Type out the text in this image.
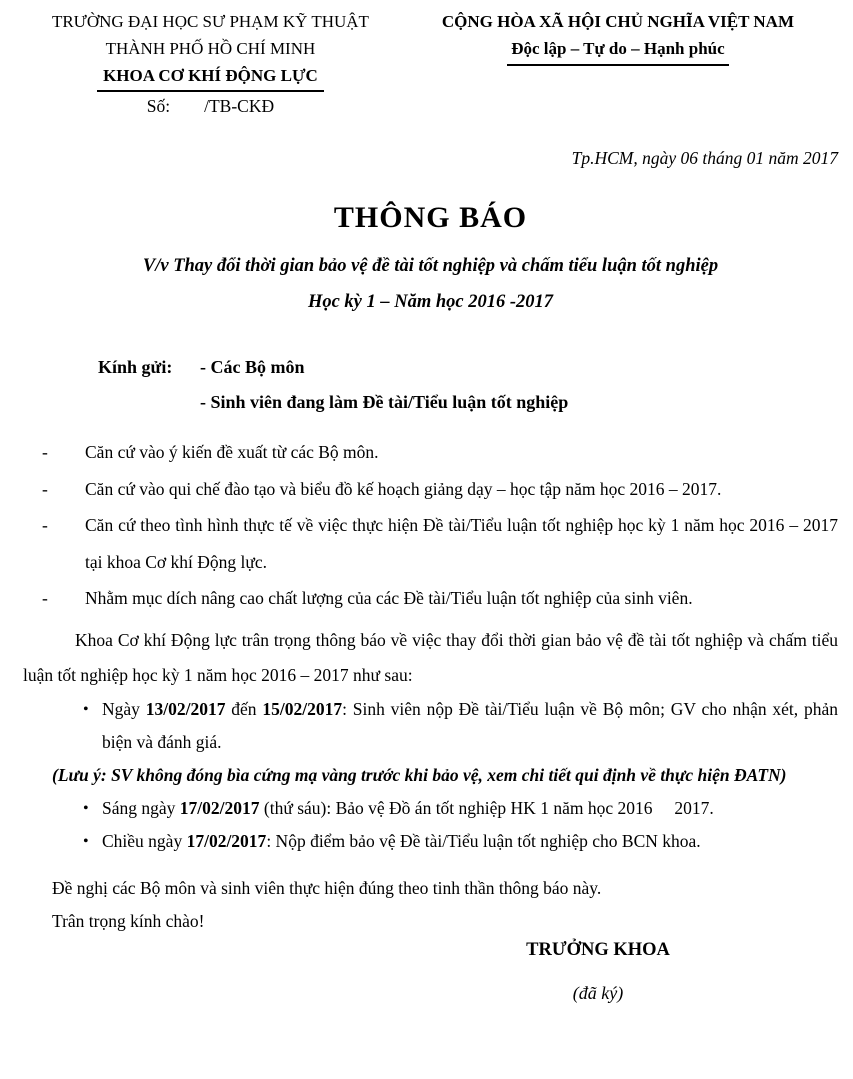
TRƯỜNG ĐẠI HỌC SƯ PHẠM KỸ THUẬT
THÀNH PHỐ HỒ CHÍ MINH
KHOA CƠ KHÍ ĐỘNG LỰC
Số: /TB-CKĐ
CỘNG HÒA XÃ HỘI CHỦ NGHĨA VIỆT NAM
Độc lập – Tự do – Hạnh phúc
Tp.HCM, ngày 06 tháng 01 năm 2017
THÔNG BÁO
V/v Thay đổi thời gian bảo vệ đề tài tốt nghiệp và chấm tiểu luận tốt nghiệp
Học kỳ 1 – Năm học 2016 -2017
Kính gửi:	- Các Bộ môn
- Sinh viên đang làm Đề tài/Tiểu luận tốt nghiệp
- Căn cứ vào ý kiến đề xuất từ các Bộ môn.
- Căn cứ vào qui chế đào tạo và biểu đồ kế hoạch giảng dạy – học tập năm học 2016 – 2017.
- Căn cứ theo tình hình thực tế về việc thực hiện Đề tài/Tiểu luận tốt nghiệp học kỳ 1 năm học 2016 – 2017 tại khoa Cơ khí Động lực.
- Nhằm mục dích nâng cao chất lượng của các Đề tài/Tiểu luận tốt nghiệp của sinh viên.
Khoa Cơ khí Động lực trân trọng thông báo về việc thay đổi thời gian bảo vệ đề tài tốt nghiệp và chấm tiểu luận tốt nghiệp học kỳ 1 năm học 2016 – 2017 như sau:
• Ngày 13/02/2017 đến 15/02/2017: Sinh viên nộp Đề tài/Tiểu luận về Bộ môn; GV cho nhận xét, phản biện và đánh giá.
(Lưu ý: SV không đóng bìa cứng mạ vàng trước khi bảo vệ, xem chi tiết qui định về thực hiện ĐATN)
• Sáng ngày 17/02/2017 (thứ sáu): Bảo vệ Đồ án tốt nghiệp HK 1 năm học 2016     2017.
• Chiều ngày 17/02/2017: Nộp điểm bảo vệ Đề tài/Tiểu luận tốt nghiệp cho BCN khoa.
Đề nghị các Bộ môn và sinh viên thực hiện đúng theo tinh thần thông báo này.
Trân trọng kính chào!
TRƯỞNG KHOA
(đã ký)
